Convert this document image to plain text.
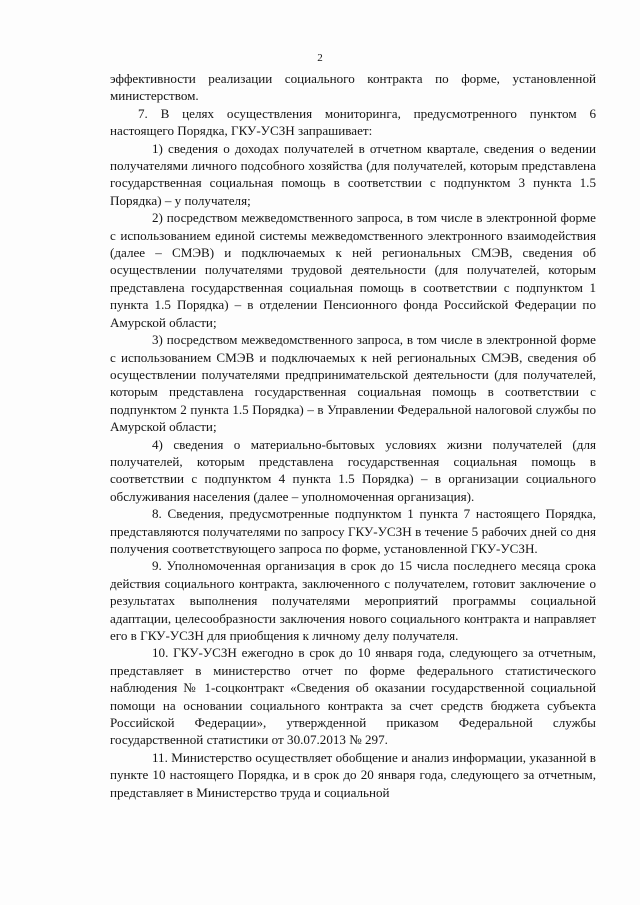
2

эффективности реализации социального контракта по форме, установленной министерством.

7. В целях осуществления мониторинга, предусмотренного пунктом 6 настоящего Порядка, ГКУ-УСЗН запрашивает:

1) сведения о доходах получателей в отчетном квартале, сведения о ведении получателями личного подсобного хозяйства (для получателей, которым представлена государственная социальная помощь в соответствии с подпунктом 3 пункта 1.5 Порядка) – у получателя;

2) посредством межведомственного запроса, в том числе в электронной форме с использованием единой системы межведомственного электронного взаимодействия (далее – СМЭВ) и подключаемых к ней региональных СМЭВ, сведения об осуществлении получателями трудовой деятельности (для получателей, которым представлена государственная социальная помощь в соответствии с подпунктом 1 пункта 1.5 Порядка) – в отделении Пенсионного фонда Российской Федерации по Амурской области;

3) посредством межведомственного запроса, в том числе в электронной форме с использованием СМЭВ и подключаемых к ней региональных СМЭВ, сведения об осуществлении получателями предпринимательской деятельности (для получателей, которым представлена государственная социальная помощь в соответствии с подпунктом 2 пункта 1.5 Порядка) – в Управлении Федеральной налоговой службы по Амурской области;

4) сведения о материально-бытовых условиях жизни получателей (для получателей, которым представлена государственная социальная помощь в соответствии с подпунктом 4 пункта 1.5 Порядка) – в организации социального обслуживания населения (далее – уполномоченная организация).

8. Сведения, предусмотренные подпунктом 1 пункта 7 настоящего Порядка, представляются получателями по запросу ГКУ-УСЗН в течение 5 рабочих дней со дня получения соответствующего запроса по форме, установленной ГКУ-УСЗН.

9. Уполномоченная организация в срок до 15 числа последнего месяца срока действия социального контракта, заключенного с получателем, готовит заключение о результатах выполнения получателями мероприятий программы социальной адаптации, целесообразности заключения нового социального контракта и направляет его в ГКУ-УСЗН для приобщения к личному делу получателя.

10. ГКУ-УСЗН ежегодно в срок до 10 января года, следующего за отчетным, представляет в министерство отчет по форме федерального статистического наблюдения № 1-соцконтракт «Сведения об оказании государственной социальной помощи на основании социального контракта за счет средств бюджета субъекта Российской Федерации», утвержденной приказом Федеральной службы государственной статистики от 30.07.2013 № 297.

11. Министерство осуществляет обобщение и анализ информации, указанной в пункте 10 настоящего Порядка, и в срок до 20 января года, следующего за отчетным, представляет в Министерство труда и социальной
